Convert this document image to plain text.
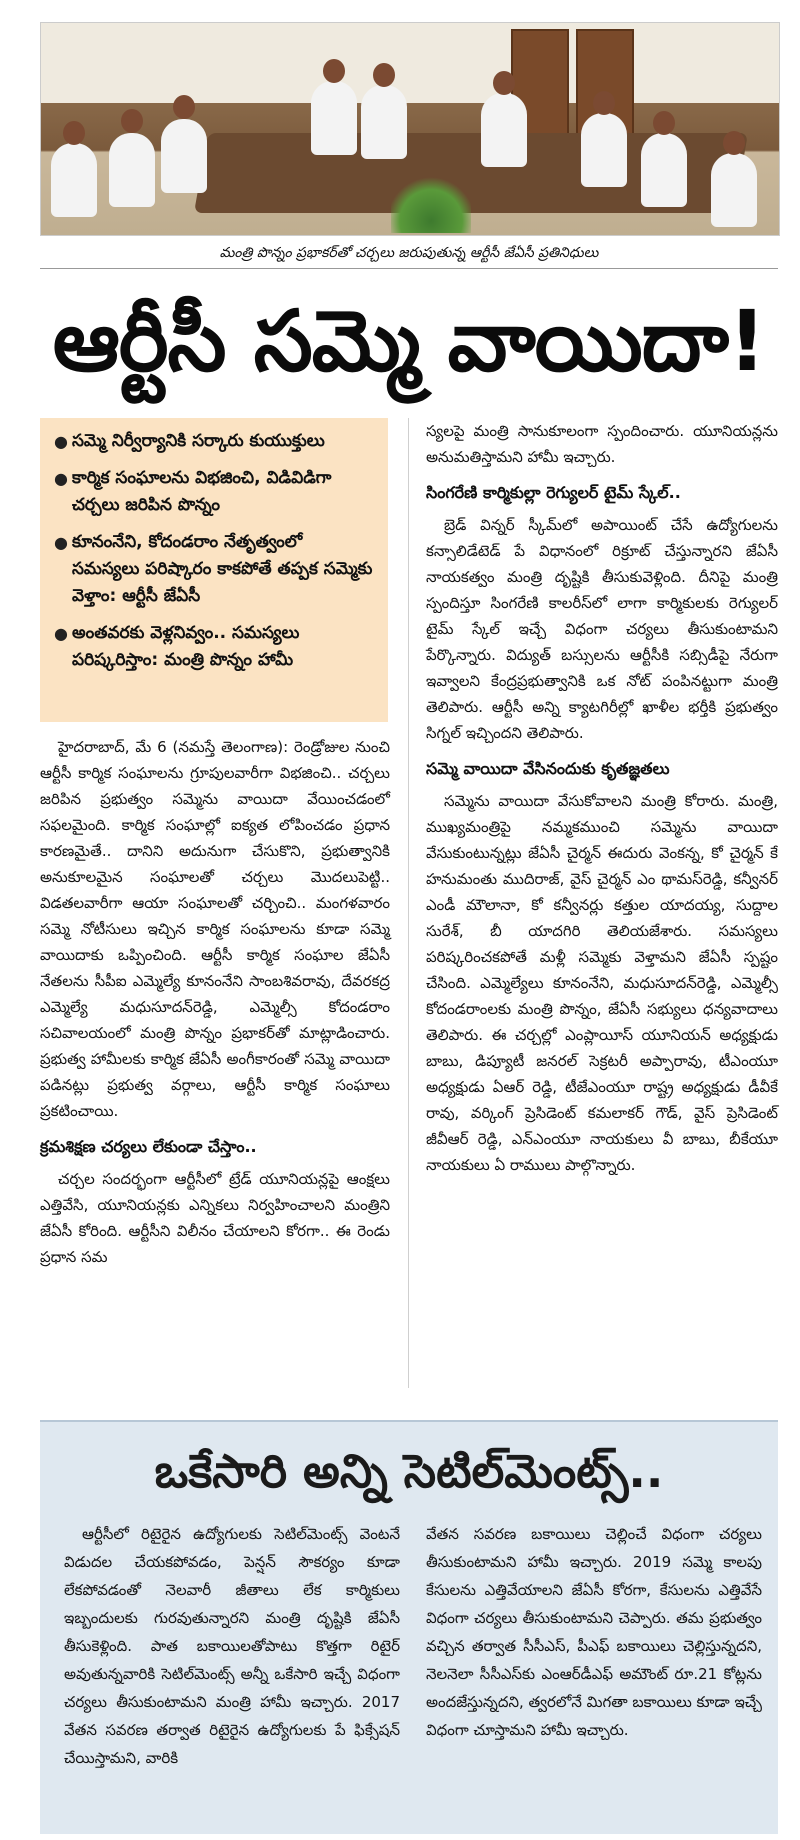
మంత్రి పొన్నం ప్రభాకర్‌తో చర్చలు జరుపుతున్న ఆర్టీసీ జేఏసీ ప్రతినిధులు
ఆర్టీసీ సమ్మె వాయిదా!
● సమ్మె నిర్వీర్యానికి సర్కారు కుయుక్తులు
● కార్మిక సంఘాలను విభజించి, విడివిడిగా చర్చలు జరిపిన పొన్నం
● కూనంనేని, కోదండరాం నేతృత్వంలో సమస్యలు పరిష్కారం కాకపోతే తప్పక సమ్మెకు వెళ్తాం: ఆర్టీసీ జేఏసీ
● అంతవరకు వెళ్లనివ్వం.. సమస్యలు పరిష్కరిస్తాం: మంత్రి పొన్నం హామీ

హైదరాబాద్, మే 6 (నమస్తే తెలంగాణ): రెండ్రోజుల నుంచి ఆర్టీసీ కార్మిక సంఘాలను గ్రూపులవారీగా విభజించి.. చర్చలు జరిపిన ప్రభుత్వం సమ్మెను వాయిదా వేయించడంలో సఫలమైంది. కార్మిక సంఘాల్లో ఐక్యత లోపించడం ప్రధాన కారణమైతే.. దానిని అదునుగా చేసుకొని, ప్రభుత్వానికి అనుకూలమైన సంఘాలతో చర్చలు మొదలుపెట్టి.. విడతలవారీగా ఆయా సంఘాలతో చర్చించి.. మంగళవారం సమ్మె నోటీసులు ఇచ్చిన కార్మిక సంఘాలను కూడా సమ్మె వాయిదాకు ఒప్పించింది. ఆర్టీసీ కార్మిక సంఘాల జేఏసీ నేతలను సీపీఐ ఎమ్మెల్యే కూనంనేని సాంబశివరావు, దేవరకద్ర ఎమ్మెల్యే మధుసూదన్‌రెడ్డి, ఎమ్మెల్సీ కోదండరాం సచివాలయంలో మంత్రి పొన్నం ప్రభాకర్‌తో మాట్లాడించారు. ప్రభుత్వ హామీలకు కార్మిక జేఏసీ అంగీకారంతో సమ్మె వాయిదా పడినట్లు ప్రభుత్వ వర్గాలు, ఆర్టీసీ కార్మిక సంఘాలు ప్రకటించాయి.

క్రమశిక్షణ చర్యలు లేకుండా చేస్తాం..

చర్చల సందర్భంగా ఆర్టీసీలో ట్రేడ్ యూనియన్లపై ఆంక్షలు ఎత్తివేసి, యూనియన్లకు ఎన్నికలు నిర్వహించాలని మంత్రిని జేఏసీ కోరింది. ఆర్టీసీని విలీనం చేయాలని కోరగా.. ఈ రెండు ప్రధాన సమ

స్యలపై మంత్రి సానుకూలంగా స్పందించారు. యూనియన్లను అనుమతిస్తామని హామీ ఇచ్చారు.

సింగరేణి కార్మికుల్లా రెగ్యులర్ టైమ్ స్కేల్..

బ్రెడ్ విన్నర్ స్కీమ్‌లో అపాయింట్ చేసే ఉద్యోగులను కన్సాలిడేటెడ్ పే విధానంలో రిక్రూట్ చేస్తున్నారని జేఏసీ నాయకత్వం మంత్రి దృష్టికి తీసుకువెళ్లింది. దీనిపై మంత్రి స్పందిస్తూ సింగరేణి కాలరీస్‌లో లాగా కార్మికులకు రెగ్యులర్ టైమ్ స్కేల్ ఇచ్చే విధంగా చర్యలు తీసుకుంటామని పేర్కొన్నారు. విద్యుత్ బస్సులను ఆర్టీసీకి సబ్సిడీపై నేరుగా ఇవ్వాలని కేంద్రప్రభుత్వానికి ఒక నోట్ పంపినట్టుగా మంత్రి తెలిపారు. ఆర్టీసీ అన్ని క్యాటగిరీల్లో ఖాళీల భర్తీకి ప్రభుత్వం సిగ్నల్ ఇచ్చిందని తెలిపారు.

సమ్మె వాయిదా వేసినందుకు కృతజ్ఞతలు

సమ్మెను వాయిదా వేసుకోవాలని మంత్రి కోరారు. మంత్రి, ముఖ్యమంత్రిపై నమ్మకముంచి సమ్మెను వాయిదా వేసుకుంటున్నట్లు జేఏసీ చైర్మన్ ఈదురు వెంకన్న, కో చైర్మన్ కే హనుమంతు ముదిరాజ్, వైస్ చైర్మన్ ఎం థామస్‌రెడ్డి, కన్వీనర్ ఎండీ మౌలానా, కో కన్వీనర్లు కత్తుల యాదయ్య, సుద్దాల సురేశ్, బీ యాదగిరి తెలియజేశారు. సమస్యలు పరిష్కరించకపోతే మళ్లీ సమ్మెకు వెళ్తామని జేఏసీ స్పష్టం చేసింది. ఎమ్మెల్యేలు కూనంనేని, మధుసూదన్‌రెడ్డి, ఎమ్మెల్సీ కోదండరాంలకు మంత్రి పొన్నం, జేఏసీ సభ్యులు ధన్యవాదాలు తెలిపారు. ఈ చర్చల్లో ఎంప్లాయీస్ యూనియన్ అధ్యక్షుడు బాబు, డిప్యూటీ జనరల్ సెక్రటరీ అప్పారావు, టీఎంయూ అధ్యక్షుడు ఏఆర్ రెడ్డి, టీజేఎంయూ రాష్ట్ర అధ్యక్షుడు డీవీకే రావు, వర్కింగ్ ప్రెసిడెంట్ కమలాకర్ గౌడ్, వైస్ ప్రెసిడెంట్ జీవీఆర్ రెడ్డి, ఎన్ఎంయూ నాయకులు వీ బాబు, బీకేయూ నాయకులు ఏ రాములు పాల్గొన్నారు.

ఒకేసారి అన్ని సెటిల్‌మెంట్స్..

ఆర్టీసీలో రిటైరైన ఉద్యోగులకు సెటిల్‌మెంట్స్ వెంటనే విడుదల చేయకపోవడం, పెన్షన్ సౌకర్యం కూడా లేకపోవడంతో నెలవారీ జీతాలు లేక కార్మికులు ఇబ్బందులకు గురవుతున్నారని మంత్రి దృష్టికి జేఏసీ తీసుకెళ్లింది. పాత బకాయిలతోపాటు కొత్తగా రిటైర్ అవుతున్నవారికి సెటిల్‌మెంట్స్ అన్నీ ఒకేసారి ఇచ్చే విధంగా చర్యలు తీసుకుంటామని మంత్రి హామీ ఇచ్చారు. 2017 వేతన సవరణ తర్వాత రిటైరైన ఉద్యోగులకు పే ఫిక్సేషన్ చేయిస్తామని, వారికి

వేతన సవరణ బకాయిలు చెల్లించే విధంగా చర్యలు తీసుకుంటామని హామీ ఇచ్చారు. 2019 సమ్మె కాలపు కేసులను ఎత్తివేయాలని జేఏసీ కోరగా, కేసులను ఎత్తివేసే విధంగా చర్యలు తీసుకుంటామని చెప్పారు. తమ ప్రభుత్వం వచ్చిన తర్వాత సీసీఎస్, పీఎఫ్ బకాయిలు చెల్లిస్తున్నదని, నెలనెలా సీసీఎస్‌కు ఎంఆర్‌డీఎఫ్ అమౌంట్ రూ.21 కోట్లను అందజేస్తున్నదని, త్వరలోనే మిగతా బకాయిలు కూడా ఇచ్చే విధంగా చూస్తామని హామీ ఇచ్చారు.
